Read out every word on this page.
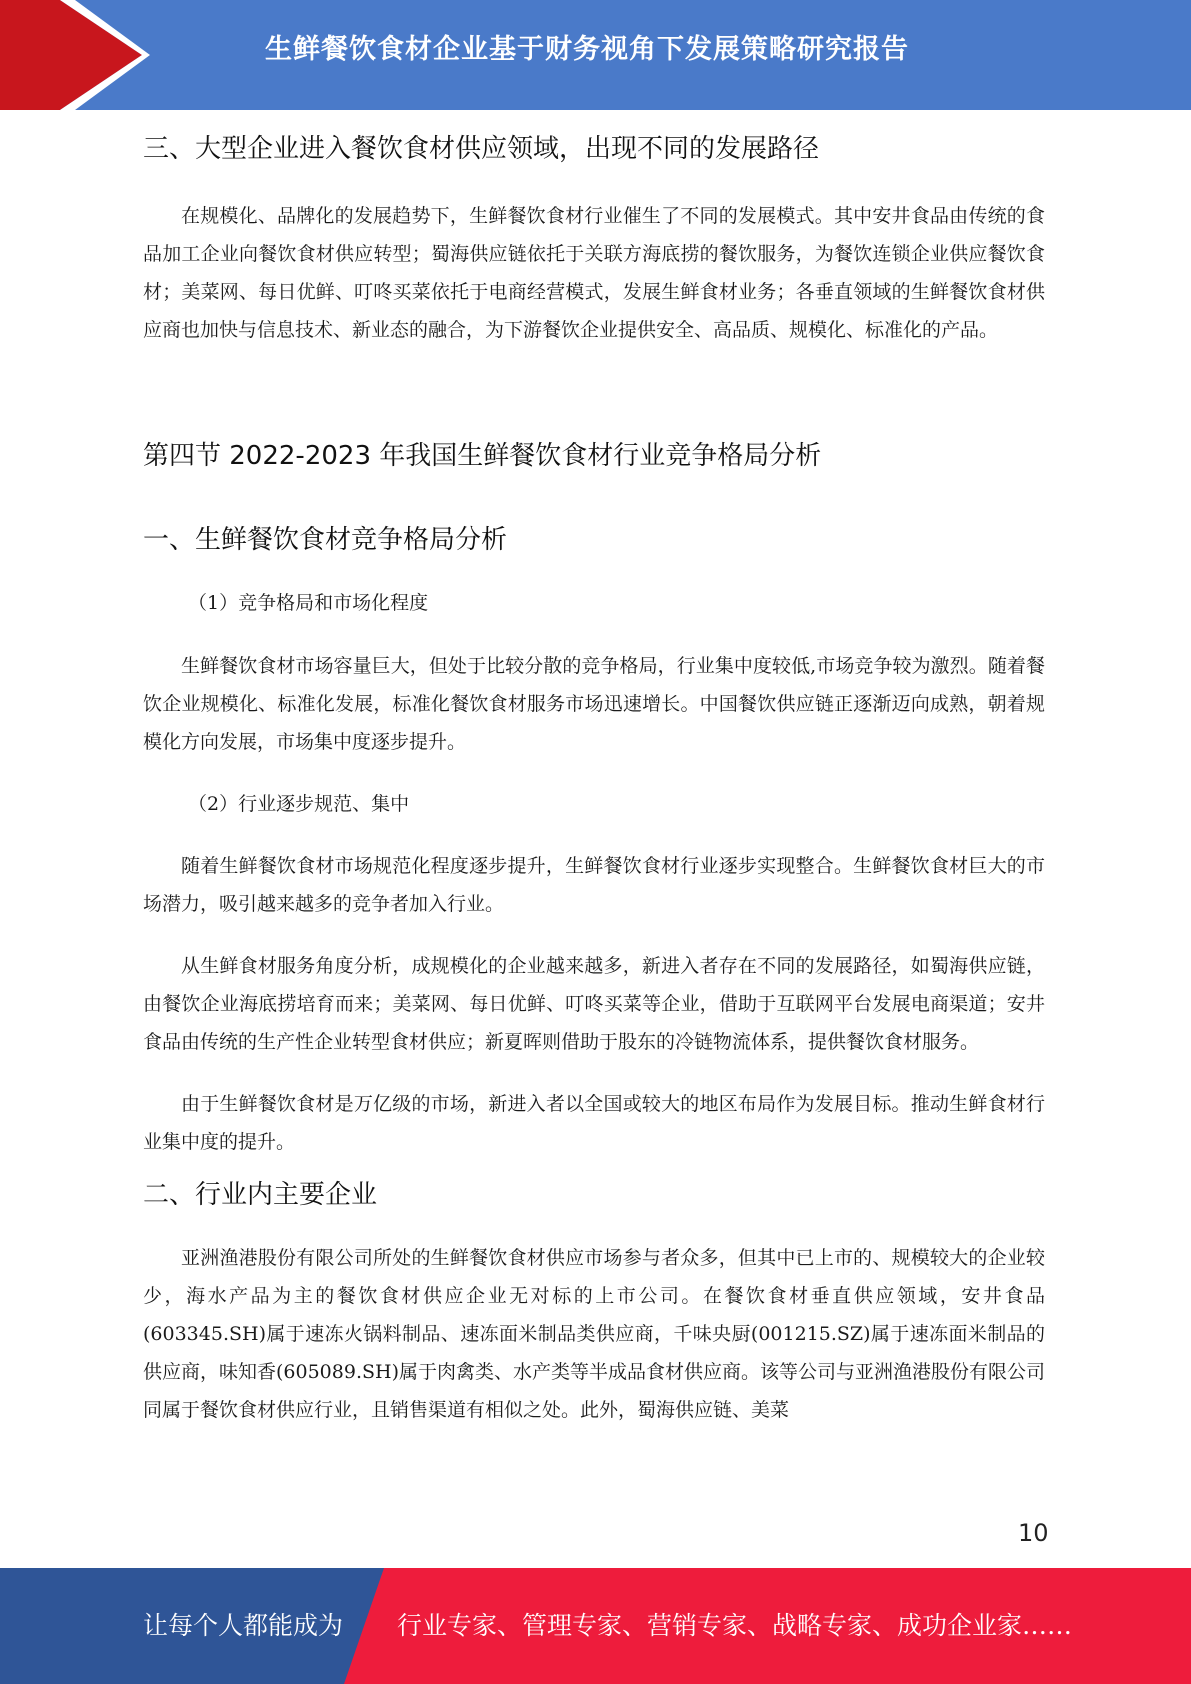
生鲜餐饮食材企业基于财务视角下发展策略研究报告
三、大型企业进入餐饮食材供应领域，出现不同的发展路径

在规模化、品牌化的发展趋势下，生鲜餐饮食材行业催生了不同的发展模式。其中安井食品由传统的食品加工企业向餐饮食材供应转型；蜀海供应链依托于关联方海底捞的餐饮服务，为餐饮连锁企业供应餐饮食材；美菜网、每日优鲜、叮咚买菜依托于电商经营模式，发展生鲜食材业务；各垂直领域的生鲜餐饮食材供应商也加快与信息技术、新业态的融合，为下游餐饮企业提供安全、高品质、规模化、标准化的产品。

第四节 2022-2023 年我国生鲜餐饮食材行业竞争格局分析
一、生鲜餐饮食材竞争格局分析
（1）竞争格局和市场化程度

生鲜餐饮食材市场容量巨大，但处于比较分散的竞争格局，行业集中度较低,市场竞争较为激烈。随着餐饮企业规模化、标准化发展，标准化餐饮食材服务市场迅速增长。中国餐饮供应链正逐渐迈向成熟，朝着规模化方向发展，市场集中度逐步提升。

（2）行业逐步规范、集中

随着生鲜餐饮食材市场规范化程度逐步提升，生鲜餐饮食材行业逐步实现整合。生鲜餐饮食材巨大的市场潜力，吸引越来越多的竞争者加入行业。

从生鲜食材服务角度分析，成规模化的企业越来越多，新进入者存在不同的发展路径，如蜀海供应链，由餐饮企业海底捞培育而来；美菜网、每日优鲜、叮咚买菜等企业，借助于互联网平台发展电商渠道；安井食品由传统的生产性企业转型食材供应；新夏晖则借助于股东的冷链物流体系，提供餐饮食材服务。

由于生鲜餐饮食材是万亿级的市场，新进入者以全国或较大的地区布局作为发展目标。推动生鲜食材行业集中度的提升。

二、行业内主要企业

亚洲渔港股份有限公司所处的生鲜餐饮食材供应市场参与者众多，但其中已上市的、规模较大的企业较少，海水产品为主的餐饮食材供应企业无对标的上市公司。在餐饮食材垂直供应领域，安井食品(603345.SH)属于速冻火锅料制品、速冻面米制品类供应商，千味央厨(001215.SZ)属于速冻面米制品的供应商，味知香(605089.SH)属于肉禽类、水产类等半成品食材供应商。该等公司与亚洲渔港股份有限公司同属于餐饮食材供应行业，且销售渠道有相似之处。此外，蜀海供应链、美菜

10
让每个人都能成为 行业专家、管理专家、营销专家、战略专家、成功企业家……
